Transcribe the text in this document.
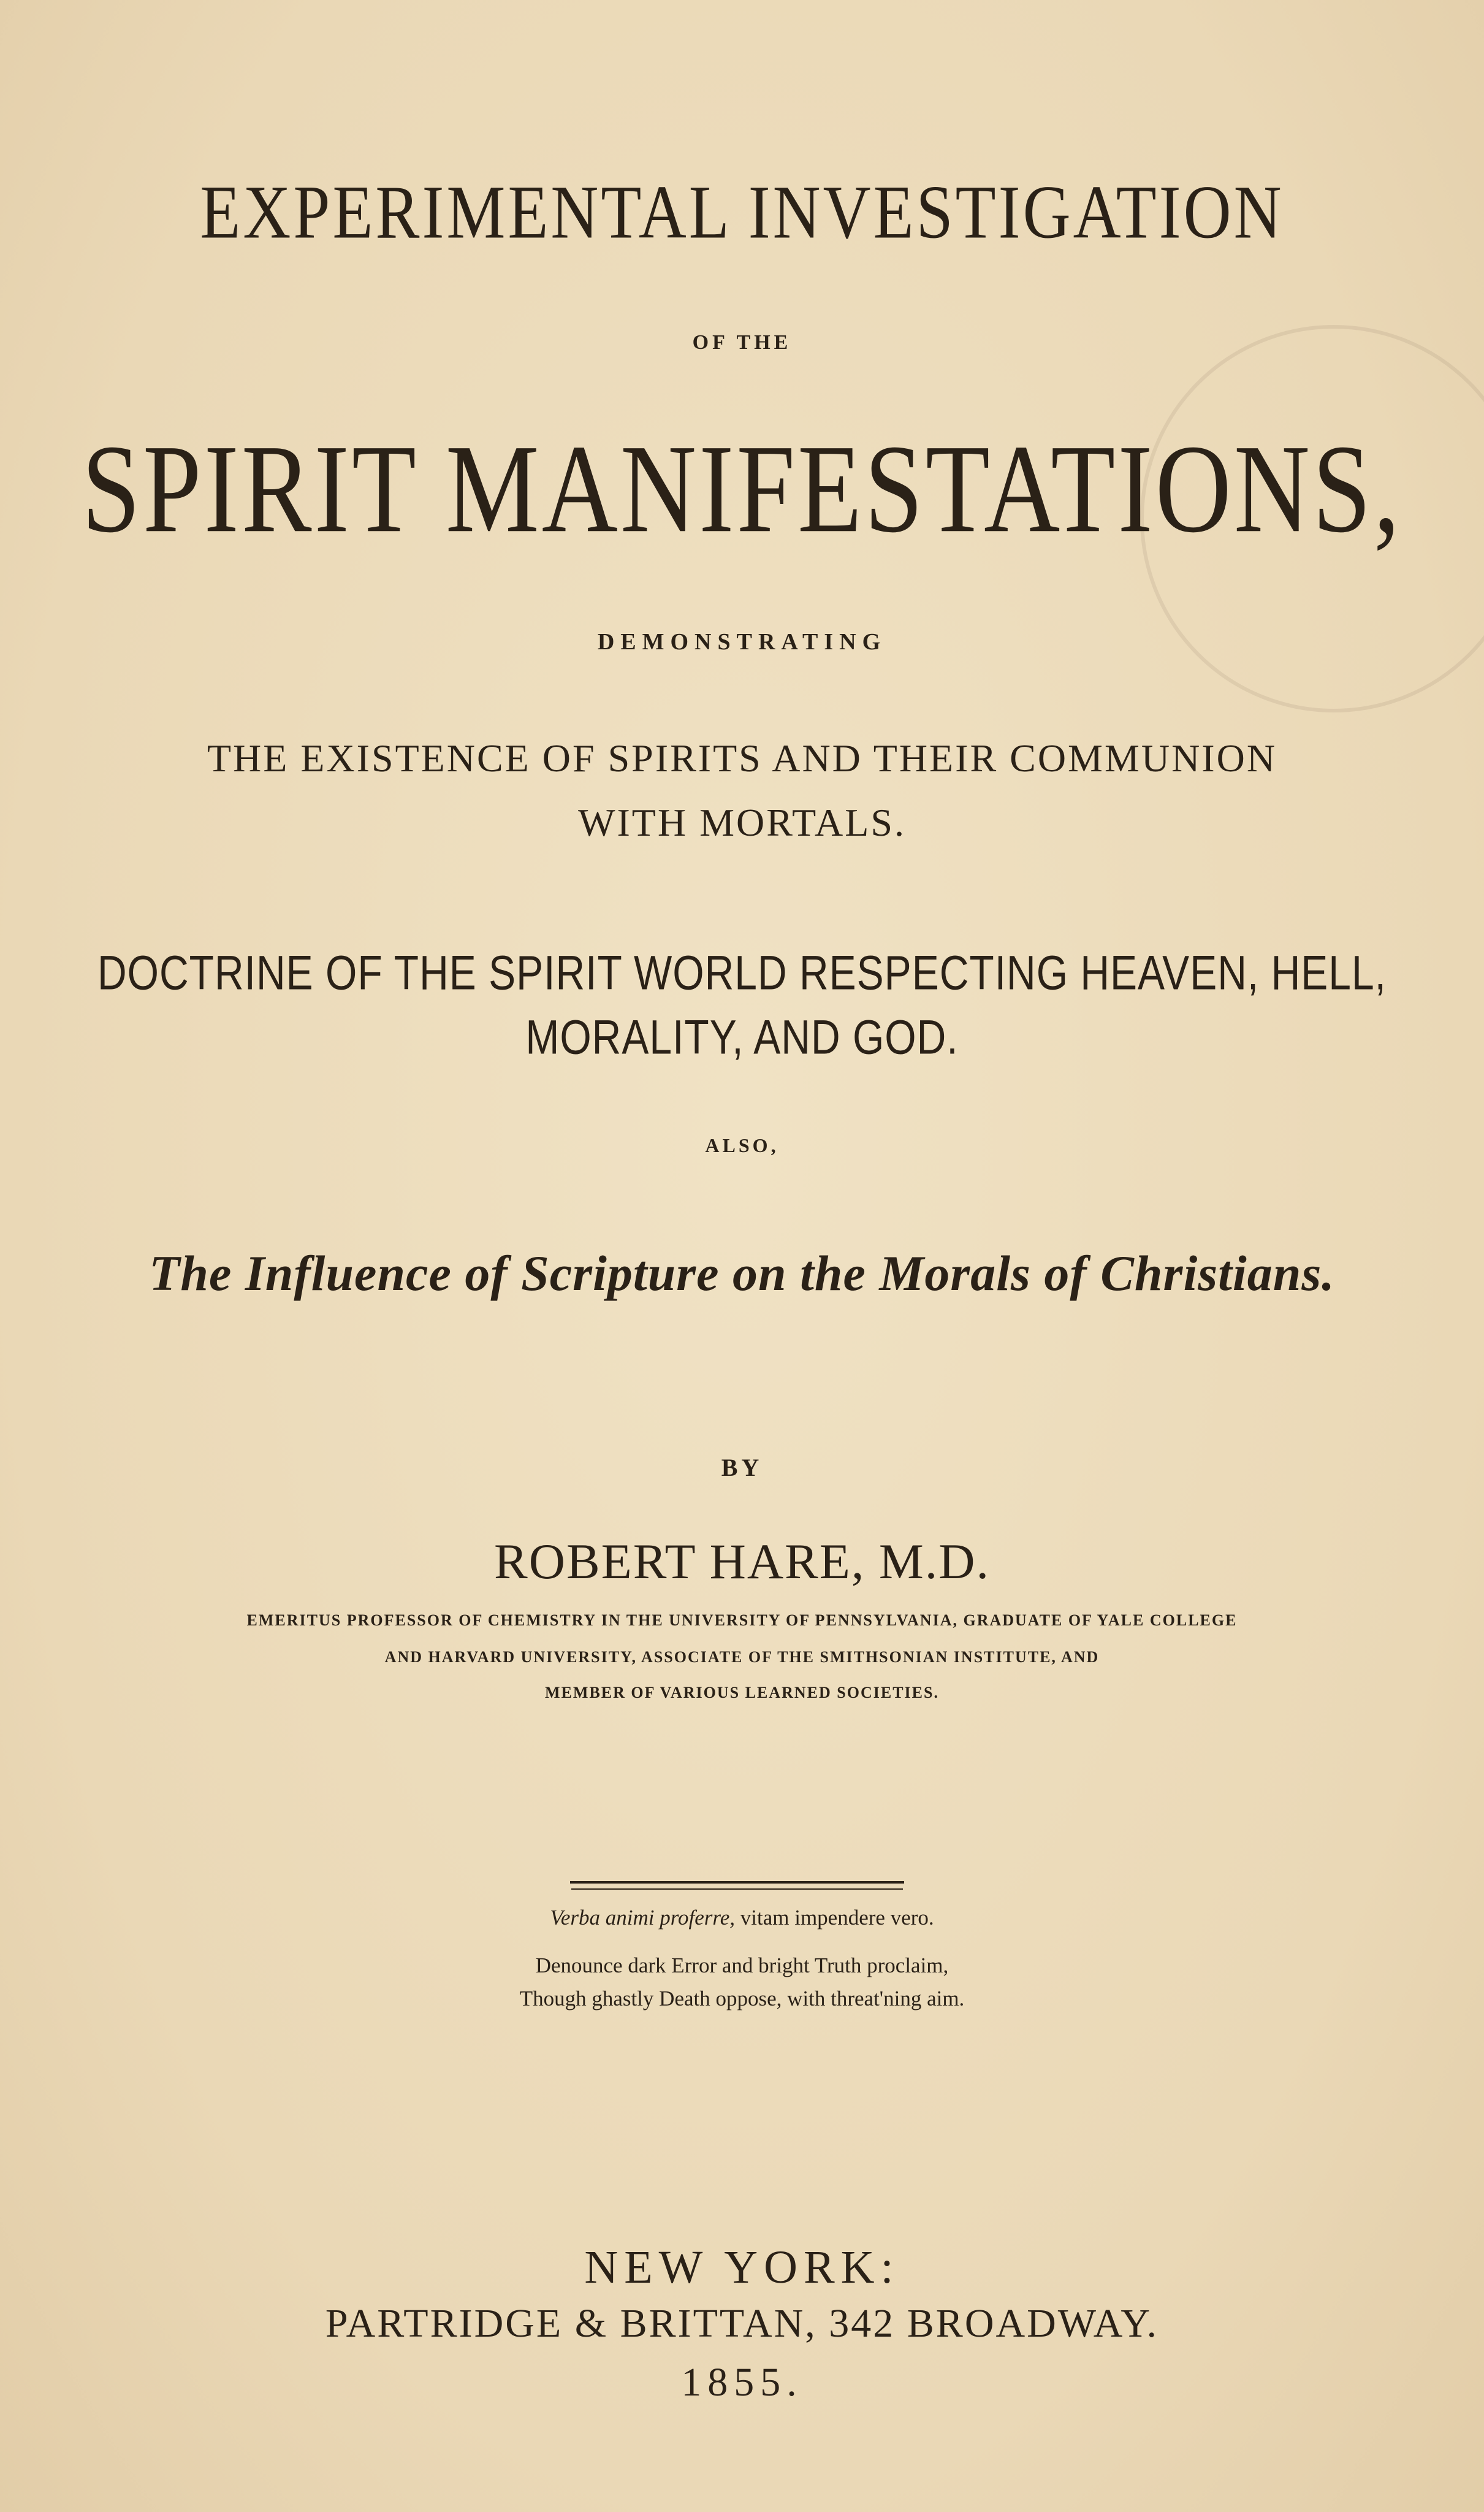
EXPERIMENTAL INVESTIGATION
OF THE
SPIRIT MANIFESTATIONS,
DEMONSTRATING
THE EXISTENCE OF SPIRITS AND THEIR COMMUNION
WITH MORTALS.
DOCTRINE OF THE SPIRIT WORLD RESPECTING HEAVEN, HELL,
MORALITY, AND GOD.
ALSO,
The Influence of Scripture on the Morals of Christians.
BY
ROBERT HARE, M.D.
EMERITUS PROFESSOR OF CHEMISTRY IN THE UNIVERSITY OF PENNSYLVANIA, GRADUATE OF YALE COLLEGE
AND HARVARD UNIVERSITY, ASSOCIATE OF THE SMITHSONIAN INSTITUTE, AND
MEMBER OF VARIOUS LEARNED SOCIETIES.
Verba animi proferre, vitam impendere vero.
Denounce dark Error and bright Truth proclaim,
Though ghastly Death oppose, with threat'ning aim.
NEW YORK:
PARTRIDGE & BRITTAN, 342 BROADWAY.
1855.
